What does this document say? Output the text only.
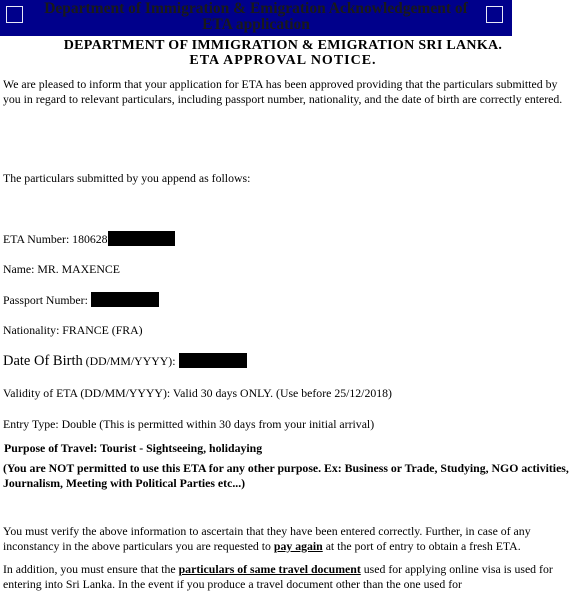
Department of Immigration & Emigration Acknowledgement of
ETA application
DEPARTMENT OF IMMIGRATION & EMIGRATION SRI LANKA.
ETA APPROVAL NOTICE.

We are pleased to inform that your application for ETA has been approved providing that the particulars submitted by you in regard to relevant particulars, including passport number, nationality, and the date of birth are correctly entered.

The particulars submitted by you append as follows:
ETA Number: 180628
Name: MR. MAXENCE
Passport Number:
Nationality: FRANCE (FRA)
Date Of Birth (DD/MM/YYYY):
Validity of ETA (DD/MM/YYYY): Valid 30 days ONLY. (Use before 25/12/2018)
Entry Type: Double (This is permitted within 30 days from your initial arrival)
Purpose of Travel: Tourist - Sightseeing, holidaying

(You are NOT permitted to use this ETA for any other purpose. Ex: Business or Trade, Studying, NGO activities, Journalism, Meeting with Political Parties etc...)

You must verify the above information to ascertain that they have been entered correctly. Further, in case of any inconstancy in the above particulars you are requested to pay again at the port of entry to obtain a fresh ETA.

In addition, you must ensure that the particulars of same travel document used for applying online visa is used for entering into Sri Lanka. In the event if you produce a travel document other than the one used for
